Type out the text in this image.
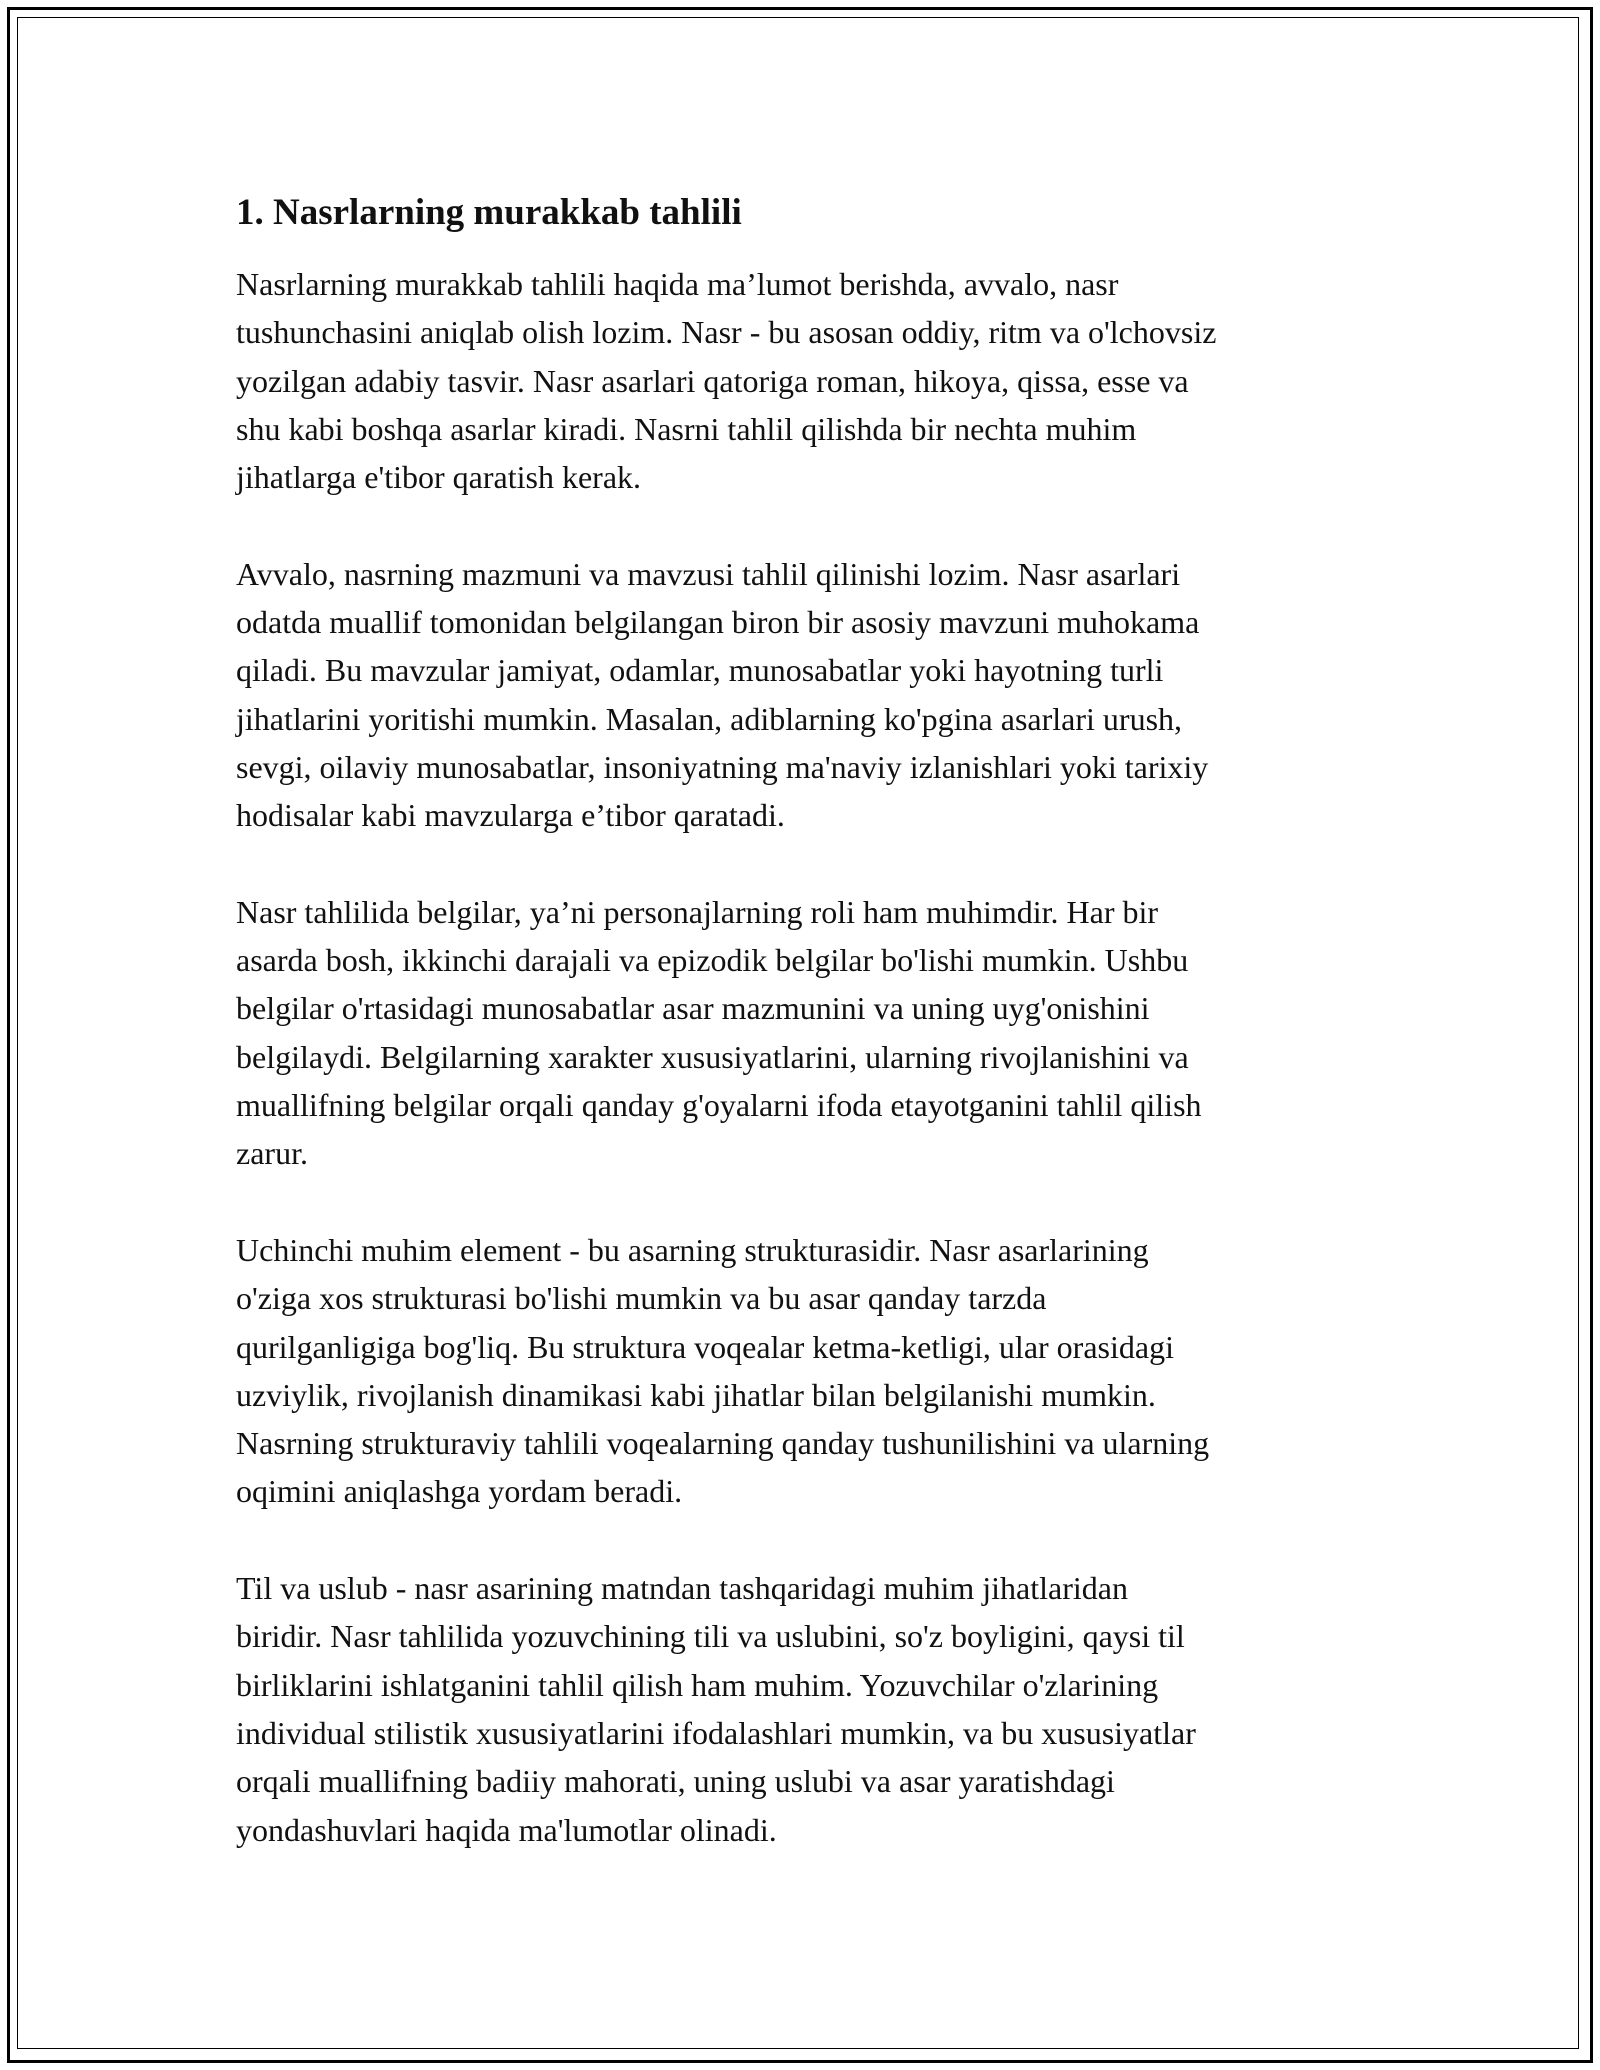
1. Nasrlarning murakkab tahlili

Nasrlarning murakkab tahlili haqida ma’lumot berishda, avvalo, nasr
tushunchasini aniqlab olish lozim. Nasr - bu asosan oddiy, ritm va o'lchovsiz
yozilgan adabiy tasvir. Nasr asarlari qatoriga roman, hikoya, qissa, esse va
shu kabi boshqa asarlar kiradi. Nasrni tahlil qilishda bir nechta muhim
jihatlarga e'tibor qaratish kerak.

Avvalo, nasrning mazmuni va mavzusi tahlil qilinishi lozim. Nasr asarlari
odatda muallif tomonidan belgilangan biron bir asosiy mavzuni muhokama
qiladi. Bu mavzular jamiyat, odamlar, munosabatlar yoki hayotning turli
jihatlarini yoritishi mumkin. Masalan, adiblarning ko'pgina asarlari urush,
sevgi, oilaviy munosabatlar, insoniyatning ma'naviy izlanishlari yoki tarixiy
hodisalar kabi mavzularga e’tibor qaratadi.

Nasr tahlilida belgilar, ya’ni personajlarning roli ham muhimdir. Har bir
asarda bosh, ikkinchi darajali va epizodik belgilar bo'lishi mumkin. Ushbu
belgilar o'rtasidagi munosabatlar asar mazmunini va uning uyg'onishini
belgilaydi. Belgilarning xarakter xususiyatlarini, ularning rivojlanishini va
muallifning belgilar orqali qanday g'oyalarni ifoda etayotganini tahlil qilish
zarur.

Uchinchi muhim element - bu asarning strukturasidir. Nasr asarlarining
o'ziga xos strukturasi bo'lishi mumkin va bu asar qanday tarzda
qurilganligiga bog'liq. Bu struktura voqealar ketma-ketligi, ular orasidagi
uzviylik, rivojlanish dinamikasi kabi jihatlar bilan belgilanishi mumkin.
Nasrning strukturaviy tahlili voqealarning qanday tushunilishini va ularning
oqimini aniqlashga yordam beradi.

Til va uslub - nasr asarining matndan tashqaridagi muhim jihatlaridan
biridir. Nasr tahlilida yozuvchining tili va uslubini, so'z boyligini, qaysi til
birliklarini ishlatganini tahlil qilish ham muhim. Yozuvchilar o'zlarining
individual stilistik xususiyatlarini ifodalashlari mumkin, va bu xususiyatlar
orqali muallifning badiiy mahorati, uning uslubi va asar yaratishdagi
yondashuvlari haqida ma'lumotlar olinadi.
